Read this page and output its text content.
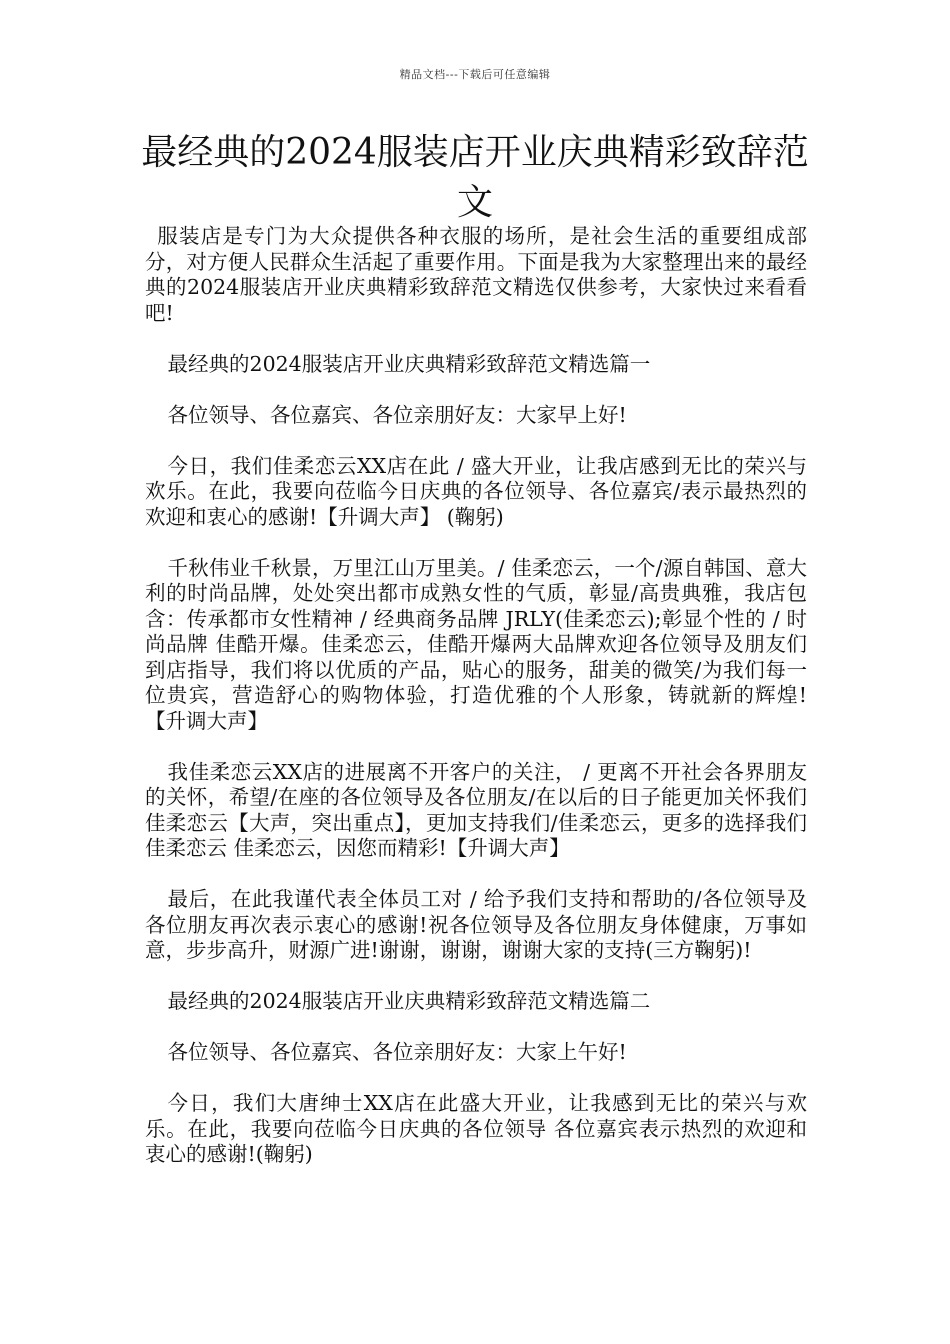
精品文档---下载后可任意编辑
最经典的2024服装店开业庆典精彩致辞范文

服装店是专门为大众提供各种衣服的场所，是社会生活的重要组成部分，对方便人民群众生活起了重要作用。下面是我为大家整理出来的最经典的2024服装店开业庆典精彩致辞范文精选仅供参考，大家快过来看看吧!

最经典的2024服装店开业庆典精彩致辞范文精选篇一

各位领导、各位嘉宾、各位亲朋好友：大家早上好!

今日，我们佳柔恋云XX店在此 / 盛大开业，让我店感到无比的荣兴与欢乐。在此，我要向莅临今日庆典的各位领导、各位嘉宾/表示最热烈的欢迎和衷心的感谢!【升调大声】 (鞠躬)

千秋伟业千秋景，万里江山万里美。/ 佳柔恋云，一个/源自韩国、意大利的时尚品牌，处处突出都市成熟女性的气质，彰显/高贵典雅，我店包含：传承都市女性精神 / 经典商务品牌 JRLY(佳柔恋云);彰显个性的 / 时尚品牌 佳酷开爆。佳柔恋云，佳酷开爆两大品牌欢迎各位领导及朋友们到店指导，我们将以优质的产品，贴心的服务，甜美的微笑/为我们每一位贵宾，营造舒心的购物体验，打造优雅的个人形象，铸就新的辉煌!【升调大声】

我佳柔恋云XX店的进展离不开客户的关注， / 更离不开社会各界朋友的关怀，希望/在座的各位领导及各位朋友/在以后的日子能更加关怀我们佳柔恋云【大声，突出重点】，更加支持我们/佳柔恋云，更多的选择我们佳柔恋云 佳柔恋云，因您而精彩!【升调大声】

最后，在此我谨代表全体员工对 / 给予我们支持和帮助的/各位领导及各位朋友再次表示衷心的感谢!祝各位领导及各位朋友身体健康，万事如意，步步高升，财源广进!谢谢，谢谢，谢谢大家的支持(三方鞠躬)!

最经典的2024服装店开业庆典精彩致辞范文精选篇二

各位领导、各位嘉宾、各位亲朋好友：大家上午好!

今日，我们大唐绅士XX店在此盛大开业，让我感到无比的荣兴与欢乐。在此，我要向莅临今日庆典的各位领导 各位嘉宾表示热烈的欢迎和衷心的感谢!(鞠躬)
